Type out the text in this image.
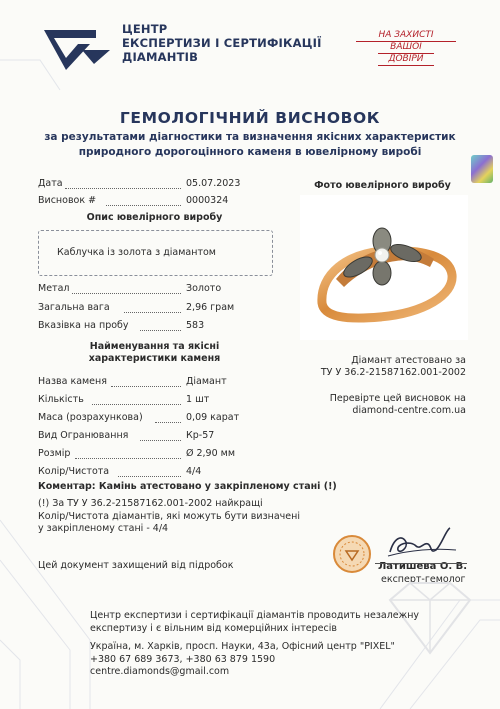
ЦЕНТР
ЕКСПЕРТИЗИ І СЕРТИФІКАЦІЇ
ДІАМАНТІВ
НА ЗАХИСТІ
ВАШОЇ
ДОВІРИ
ГЕМОЛОГІЧНИЙ ВИСНОВОК
за результатами діагностики та визначення якісних характеристик
природного дорогоцінного каменя в ювелірному виробі
Дата	05.07.2023
Висновок #	0000324
Опис ювелірного виробу
Каблучка із золота з діамантом
Метал	Золото
Загальна вага	2,96 грам
Вказівка на пробу	583
Найменування та якісні
характеристики каменя
Назва каменя	Діамант
Кількість	1 шт
Маса (розрахункова)	0,09 карат
Вид Огранювання	Кр-57
Розмір	Ø 2,90 мм
Колір/Чистота	4/4
Коментар: Камінь атестовано у закріпленому стані (!)
(!) За ТУ У 36.2-21587162.001-2002 найкращі
Колір/Чистота діамантів, які можуть бути визначені
у закріпленому стані - 4/4
Фото ювелірного виробу
Діамант атестовано за
ТУ У 36.2-21587162.001-2002
Перевірте цей висновок на
diamond-centre.com.ua
Латишева О. В.
експерт-гемолог
Цей документ захищений від підробок
Центр експертизи і сертифікації діамантів проводить незалежну
експертизу і є вільним від комерційних інтересів
Україна, м. Харків, просп. Науки, 43а, Офісний центр "PIXEL"
+380 67 689 3673, +380 63 879 1590
centre.diamonds@gmail.com
